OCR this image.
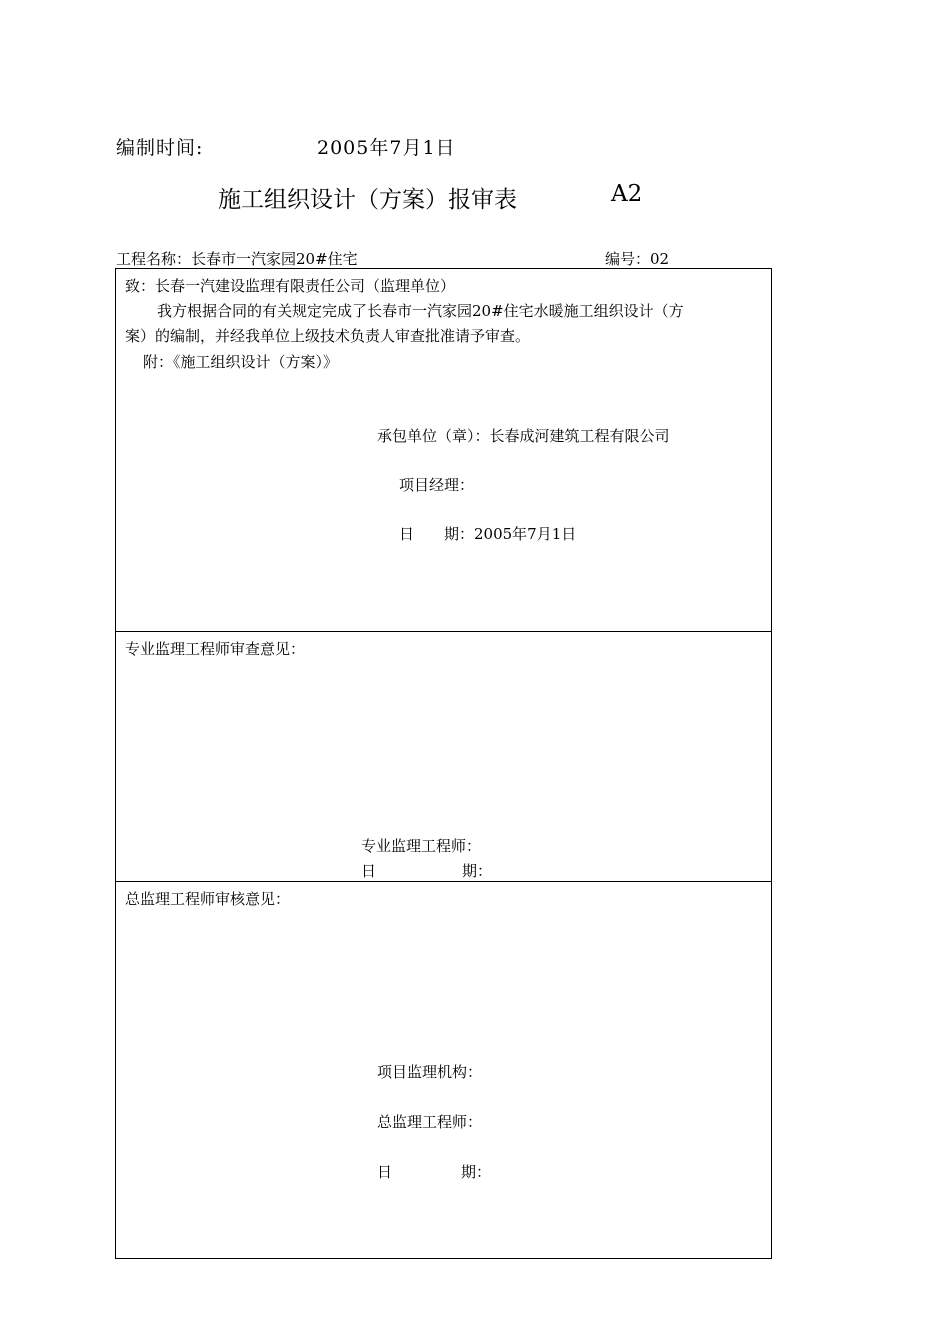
编制时间:	2005年7月1日
施工组织设计（方案）报审表	A2
工程名称：长春市一汽家园20#住宅	编号：02
致：长春一汽建设监理有限责任公司（监理单位）
我方根据合同的有关规定完成了长春市一汽家园20#住宅水暖施工组织设计（方
案）的编制，并经我单位上级技术负责人审查批准请予审查。
附：《施工组织设计（方案）》
承包单位（章）：长春成河建筑工程有限公司
项目经理：
日　　期：2005年7月1日
专业监理工程师审查意见：
专业监理工程师：
日	期：
总监理工程师审核意见：
项目监理机构：
总监理工程师：
日	期：
